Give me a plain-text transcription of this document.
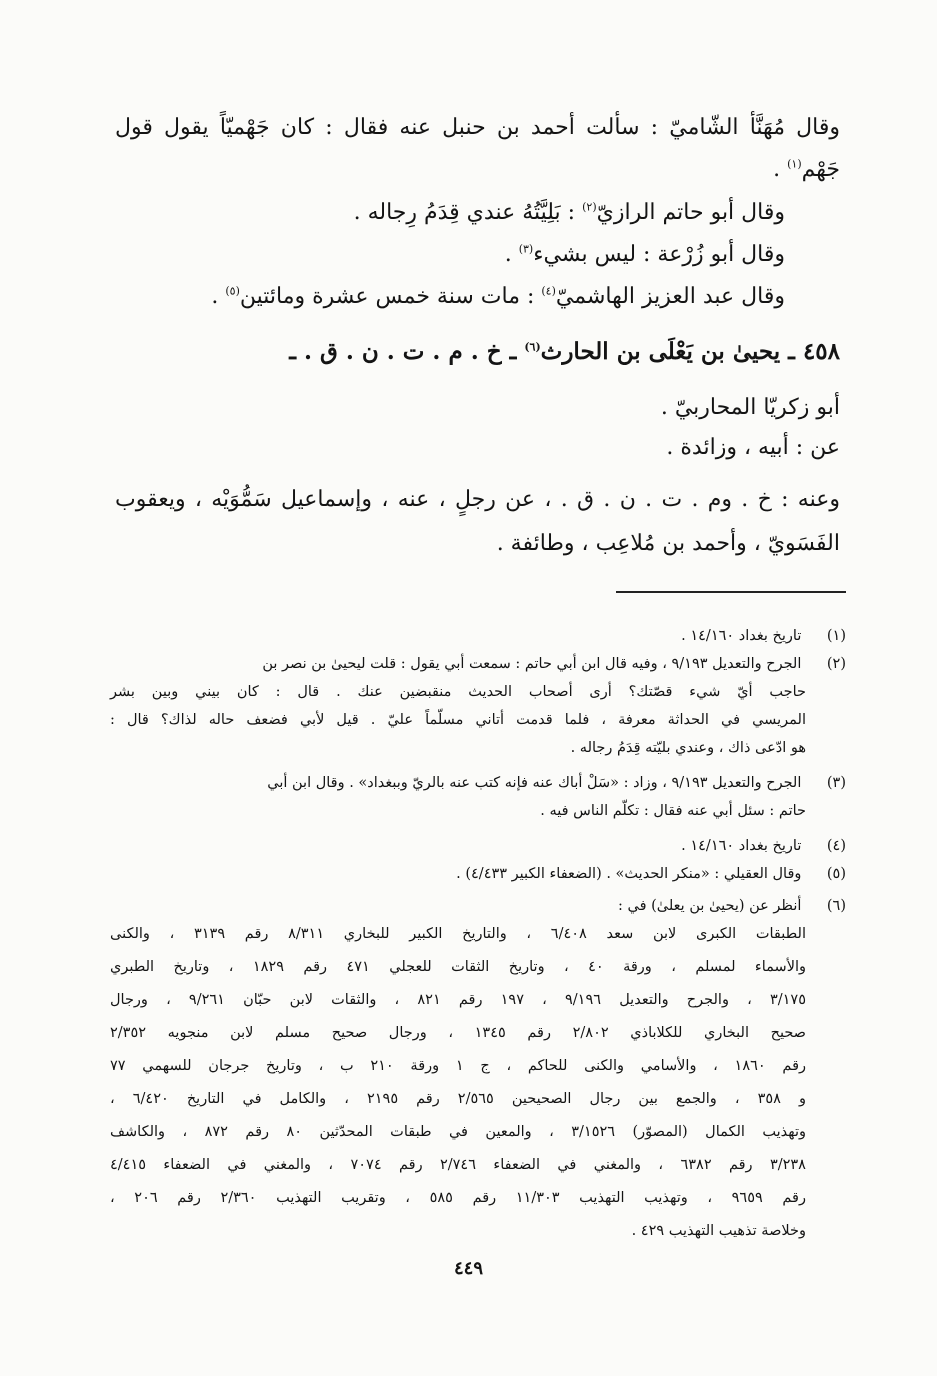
وقال مُهَنَّأ الشّاميّ : سألت أحمد بن حنبل عنه فقال : كان جَهْميّاً يقول قول
جَهْم$^{(١)}$ .
وقال أبو حاتم الرازيّ$^{(٢)}$ : بَلِيَّتُهُ عندي قِدَمُ رِجاله .
وقال أبو زُرْعة : ليس بشيء$^{(٣)}$ .
وقال عبد العزيز الهاشميّ$^{(٤)}$ : مات سنة خمس عشرة ومائتين$^{(٥)}$ .
٤٥٨ ـ يحيىٰ بن يَعْلَى بن الحارث$^{(٦)}$ ـ خ . م . ت . ن . ق . ـ
أبو زكريّا المحاربيّ .
عن : أبيه ، وزائدة .
وعنه : خ . وم . ت . ن . ق . ، عن رجلٍ ، عنه ، وإسماعيل سَمُّوَيْه ، ويعقوب
الفَسَويّ ، وأحمد بن مُلاعِب ، وطائفة .
(١) تاريخ بغداد ١٤/١٦٠ .
(٢) الجرح والتعديل ٩/١٩٣ ، وفيه قال ابن أبي حاتم : سمعت أبي يقول : قلت ليحيىٰ بن نصر بن
حاجب أيّ شيء قصّتك؟ أرى أصحاب الحديث منقبضين عنك . قال : كان بيني وبين بشر
المريسي في الحداثة معرفة ، فلما قدمت أتاني مسلّماً عليّ . قيل لأبي فضعف حاله لذاك؟ قال :
هو ادّعى ذاك ، وعندي بليّته قِدَمُ رجاله .
(٣) الجرح والتعديل ٩/١٩٣ ، وزاد : «سَلْ أباك عنه فإنه كتب عنه بالريّ وببغداد» . وقال ابن أبي
حاتم : سئل أبي عنه فقال : تكلّم الناس فيه .
(٤) تاريخ بغداد ١٤/١٦٠ .
(٥) وقال العقيلي : «منكر الحديث» . (الضعفاء الكبير ٤/٤٣٣) .
(٦) أنظر عن (يحيىٰ بن يعلىٰ) في :
الطبقات الكبرى لابن سعد ٦/٤٠٨ ، والتاريخ الكبير للبخاري ٨/٣١١ رقم ٣١٣٩ ، والكنى
والأسماء لمسلم ، ورقة ٤٠ ، وتاريخ الثقات للعجلي ٤٧١ رقم ١٨٢٩ ، وتاريخ الطبري
٣/١٧٥ ، والجرح والتعديل ٩/١٩٦ ، ١٩٧ رقم ٨٢١ ، والثقات لابن حبّان ٩/٢٦١ ، ورجال
صحيح البخاري للكلاباذي ٢/٨٠٢ رقم ١٣٤٥ ، ورجال صحيح مسلم لابن منجويه ٢/٣٥٢
رقم ١٨٦٠ ، والأسامي والكنى للحاكم ، ج ١ ورقة ٢١٠ ب ، وتاريخ جرجان للسهمي ٧٧
و ٣٥٨ ، والجمع بين رجال الصحيحين ٢/٥٦٥ رقم ٢١٩٥ ، والكامل في التاريخ ٦/٤٢٠ ،
وتهذيب الكمال (المصوّر) ٣/١٥٢٦ ، والمعين في طبقات المحدّثين ٨٠ رقم ٨٧٢ ، والكاشف
٣/٢٣٨ رقم ٦٣٨٢ ، والمغني في الضعفاء ٢/٧٤٦ رقم ٧٠٧٤ ، والمغني في الضعفاء ٤/٤١٥
رقم ٩٦٥٩ ، وتهذيب التهذيب ١١/٣٠٣ رقم ٥٨٥ ، وتقريب التهذيب ٢/٣٦٠ رقم ٢٠٦ ،
وخلاصة تذهيب التهذيب ٤٢٩ .
٤٤٩
